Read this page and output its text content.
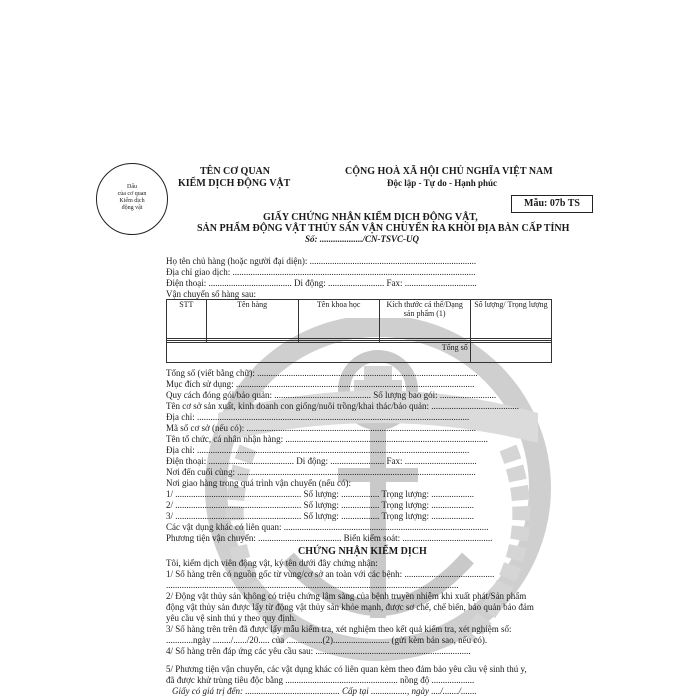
Dấu
của cơ quan
Kiểm dịch
động vật
TÊN CƠ QUAN
KIỂM DỊCH ĐỘNG VẬT
CỘNG HOÀ XÃ HỘI CHỦ NGHĨA VIỆT NAM
Độc lập - Tự do - Hạnh phúc
Mẫu: 07b TS
GIẤY CHỨNG NHẬN KIỂM DỊCH ĐỘNG VẬT,
SẢN PHẨM ĐỘNG VẬT THỦY SẢN VẬN CHUYỂN RA KHỎI ĐỊA BÀN CẤP TỈNH
Số: .................../CN-TSVC-UQ
Họ tên chủ hàng (hoặc người đại diện): ..........................................................................
Địa chỉ giao dịch: ............................................................................................................
Điện thoại: ..................................... Di động: ......................... Fax: ................................
Vận chuyển số hàng sau:
STT	Tên hàng	Tên khoa học	Kích thước cá thể/Dạng sản phẩm (1)	Số lượng/ Trọng lượng

Tổng số				
Tổng số (viết bằng chữ): ..................................................................................................
Mục đích sử dụng: ..........................................................................................................
Quy cách đóng gói/bảo quản: ........................................... Số lượng bao gói: .........................
Tên cơ sở sản xuất, kinh doanh con giống/nuôi trồng/khai thác/bảo quản: .......................................
Địa chỉ: .........................................................................................................................
Mã số cơ sở (nếu có): ......................................................................................................
Tên tổ chức, cá nhân nhận hàng: ..........................................................................................
Địa chỉ: .........................................................................................................................
Điện thoại: ...................................... Di động: ........................ Fax: ................................
Nơi đến cuối cùng: ..........................................................................................................
Nơi giao hàng trong quá trình vận chuyển (nếu có):
1/ ........................................................ Số lượng: ................. Trọng lượng: ...................
2/ ........................................................ Số lượng: ................. Trọng lượng: ...................
3/ ........................................................ Số lượng: ................. Trọng lượng: ...................
Các vật dụng khác có liên quan: ...........................................................................................
Phương tiện vận chuyển: ..................................... Biển kiểm soát: ........................................
CHỨNG NHẬN KIỂM DỊCH
Tôi, kiểm dịch viên động vật, ký tên dưới đây chứng nhận:
1/ Số hàng trên có nguồn gốc từ vùng/cơ sở an toàn với các bệnh: ........................................
..................................................................................................................................
2/ Động vật thủy sản không có triệu chứng lâm sàng của bệnh truyền nhiễm khi xuất phát/Sản phẩm
động vật thủy sản được lấy từ động vật thủy sản khỏe mạnh, được sơ chế, chế biến, bảo quản bảo đảm
yêu cầu vệ sinh thú y theo quy định.
3/ Số hàng trên trên đã được lấy mẫu kiểm tra, xét nghiệm theo kết quả kiểm tra, xét nghiệm số:
............ngày ......../....../20..... của ................(2)......................... (gửi kèm bản sao, nếu có).
4/ Số hàng trên đáp ứng các yêu cầu sau: .....................................................................
5/ Phương tiện vận chuyển, các vật dụng khác có liên quan kèm theo đảm bảo yêu cầu vệ sinh thú y,
đã được khử trùng tiêu độc bằng .................................................. nồng độ ...................
Giấy có giá trị đến: .......................................... Cấp tại ................, ngày ..../......./.......
